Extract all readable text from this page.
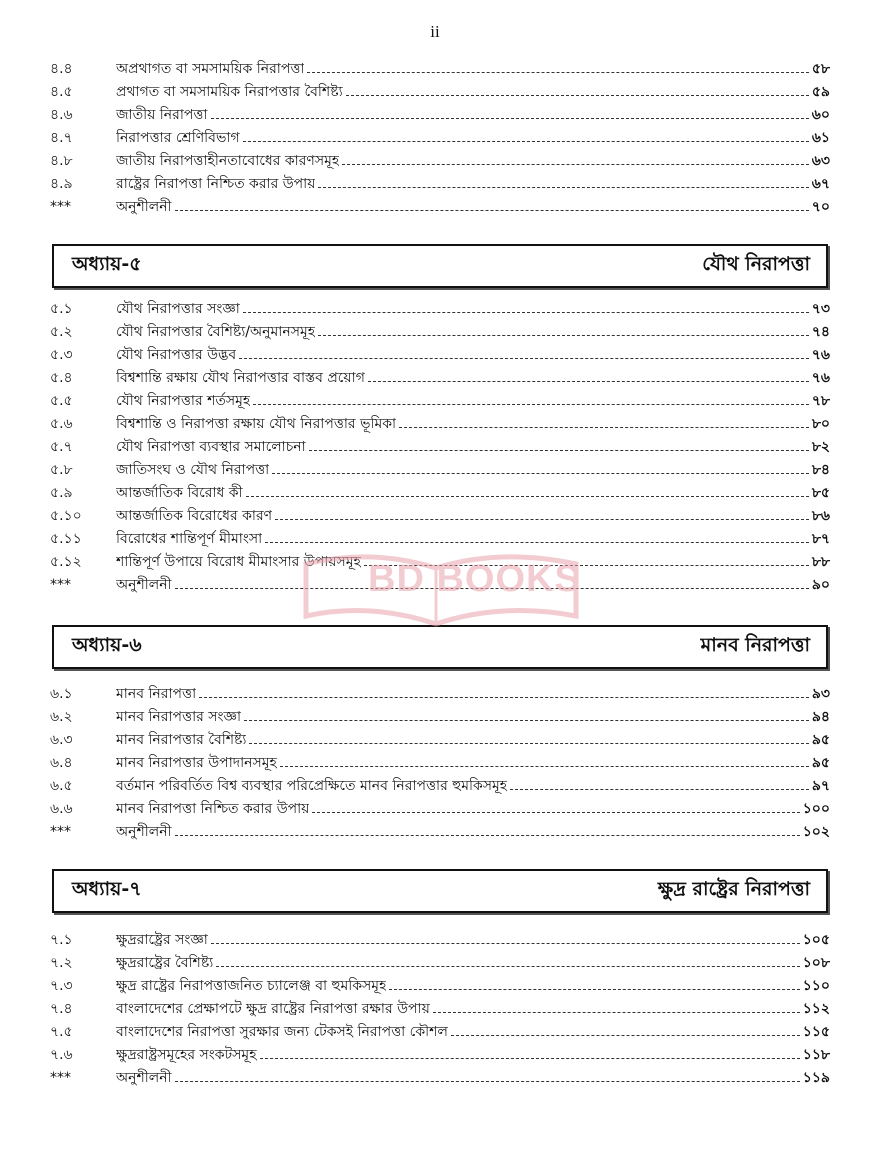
ii
৪.৪	অপ্রথাগত বা সমসাময়িক নিরাপত্তা	৫৮
৪.৫	প্রথাগত বা সমসাময়িক নিরাপত্তার বৈশিষ্ট্য	৫৯
৪.৬	জাতীয় নিরাপত্তা	৬০
৪.৭	নিরাপত্তার শ্রেণিবিভাগ	৬১
৪.৮	জাতীয় নিরাপত্তাহীনতাবোধের কারণসমূহ	৬৩
৪.৯	রাষ্ট্রের নিরাপত্তা নিশ্চিত করার উপায়	৬৭
***	অনুশীলনী	৭০
অধ্যায়-৫	যৌথ নিরাপত্তা
৫.১	যৌথ নিরাপত্তার সংজ্ঞা	৭৩
৫.২	যৌথ নিরাপত্তার বৈশিষ্ট্য/অনুমানসমূহ	৭৪
৫.৩	যৌথ নিরাপত্তার উদ্ভব	৭৬
৫.৪	বিশ্বশান্তি রক্ষায় যৌথ নিরাপত্তার বাস্তব প্রয়োগ	৭৬
৫.৫	যৌথ নিরাপত্তার শর্তসমূহ	৭৮
৫.৬	বিশ্বশান্তি ও নিরাপত্তা রক্ষায় যৌথ নিরাপত্তার ভূমিকা	৮০
৫.৭	যৌথ নিরাপত্তা ব্যবস্থার সমালোচনা	৮২
৫.৮	জাতিসংঘ ও যৌথ নিরাপত্তা	৮৪
৫.৯	আন্তর্জাতিক বিরোধ কী	৮৫
৫.১০	আন্তর্জাতিক বিরোধের কারণ	৮৬
৫.১১	বিরোধের শান্তিপূর্ণ মীমাংসা	৮৭
৫.১২	শান্তিপূর্ণ উপায়ে বিরোধ মীমাংসার উপায়সমূহ	৮৮
***	অনুশীলনী	৯০
অধ্যায়-৬	মানব নিরাপত্তা
৬.১	মানব নিরাপত্তা	৯৩
৬.২	মানব নিরাপত্তার সংজ্ঞা	৯৪
৬.৩	মানব নিরাপত্তার বৈশিষ্ট্য	৯৫
৬.৪	মানব নিরাপত্তার উপাদানসমূহ	৯৫
৬.৫	বর্তমান পরিবর্তিত বিশ্ব ব্যবস্থার পরিপ্রেক্ষিতে মানব নিরাপত্তার হুমকিসমূহ	৯৭
৬.৬	মানব নিরাপত্তা নিশ্চিত করার উপায়	১০০
***	অনুশীলনী	১০২
অধ্যায়-৭	ক্ষুদ্র রাষ্ট্রের নিরাপত্তা
৭.১	ক্ষুদ্ররাষ্ট্রের সংজ্ঞা	১০৫
৭.২	ক্ষুদ্ররাষ্ট্রের বৈশিষ্ট্য	১০৮
৭.৩	ক্ষুদ্র রাষ্ট্রের নিরাপত্তাজনিত চ্যালেঞ্জ বা হুমকিসমূহ	১১০
৭.৪	বাংলাদেশের প্রেক্ষাপটে ক্ষুদ্র রাষ্ট্রের নিরাপত্তা রক্ষার উপায়	১১২
৭.৫	বাংলাদেশের নিরাপত্তা সুরক্ষার জন্য টেকসই নিরাপত্তা কৌশল	১১৫
৭.৬	ক্ষুদ্ররাষ্ট্রসমূহের সংকটসমূহ	১১৮
***	অনুশীলনী	১১৯
BD BOOKS
